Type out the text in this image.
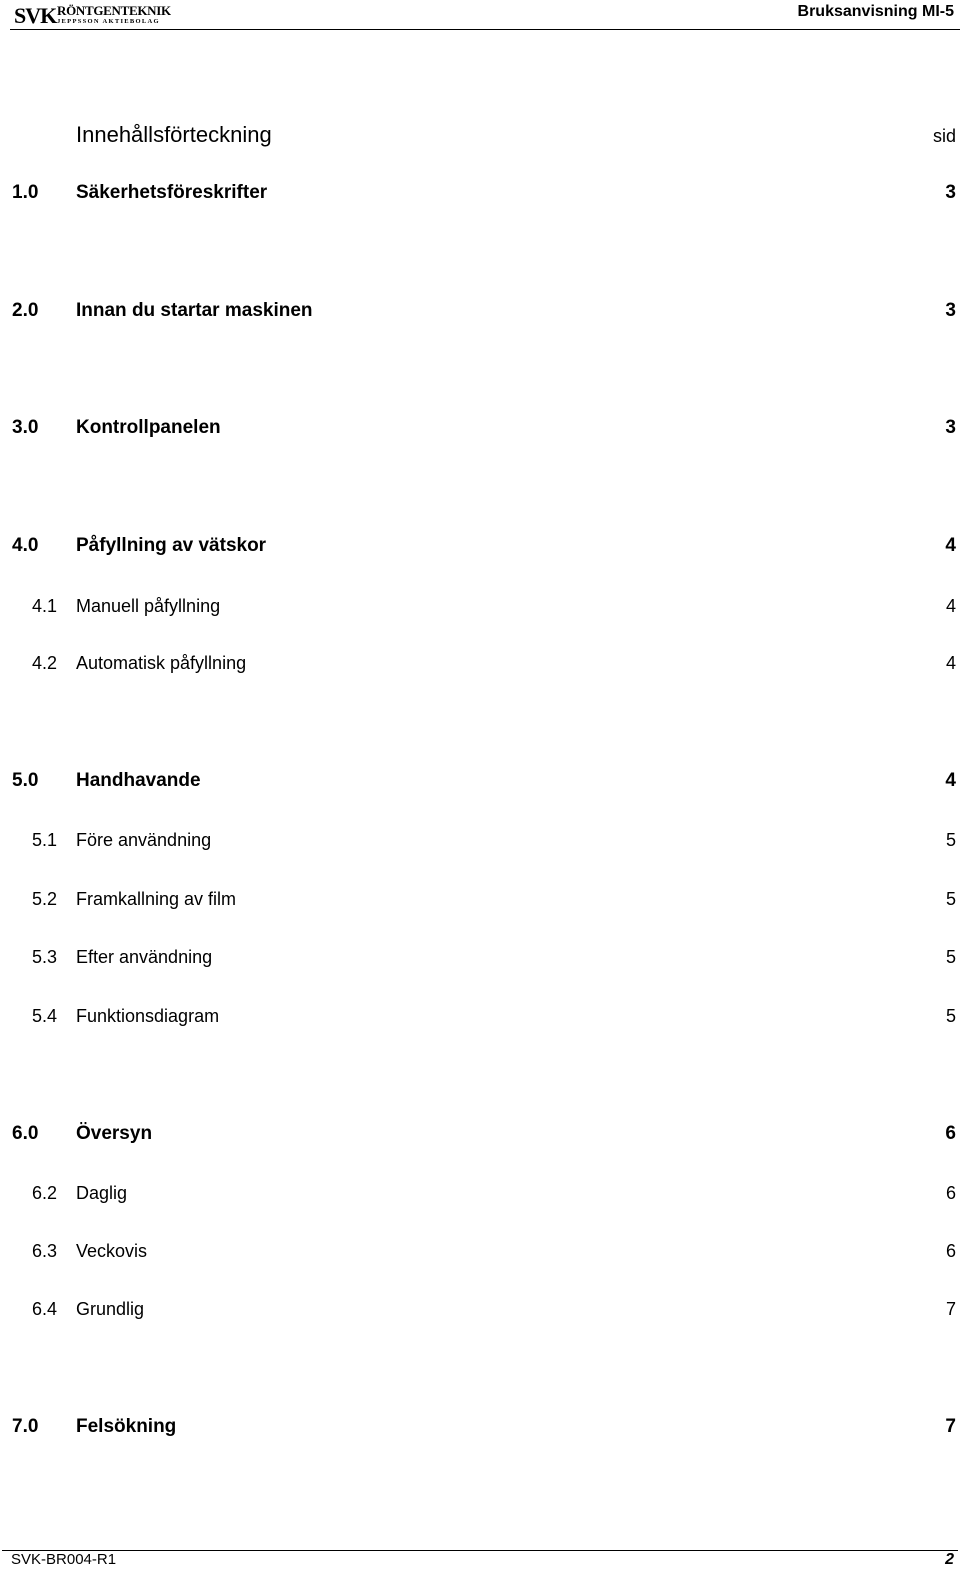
SVK RÖNTGENTEKNIK
JEPPSSON AKTIEBOLAG
Bruksanvisning MI-5
Innehållsförteckning	sid
1.0 Säkerhetsföreskrifter	3
2.0 Innan du startar maskinen	3
3.0 Kontrollpanelen	3
4.0 Påfyllning av vätskor	4
4.1 Manuell påfyllning	4
4.2 Automatisk påfyllning	4
5.0 Handhavande	4
5.1 Före användning	5
5.2 Framkallning av film	5
5.3 Efter användning	5
5.4 Funktionsdiagram	5
6.0 Översyn	6
6.2 Daglig	6
6.3 Veckovis	6
6.4 Grundlig	7
7.0 Felsökning	7
SVK-BR004-R1	2
